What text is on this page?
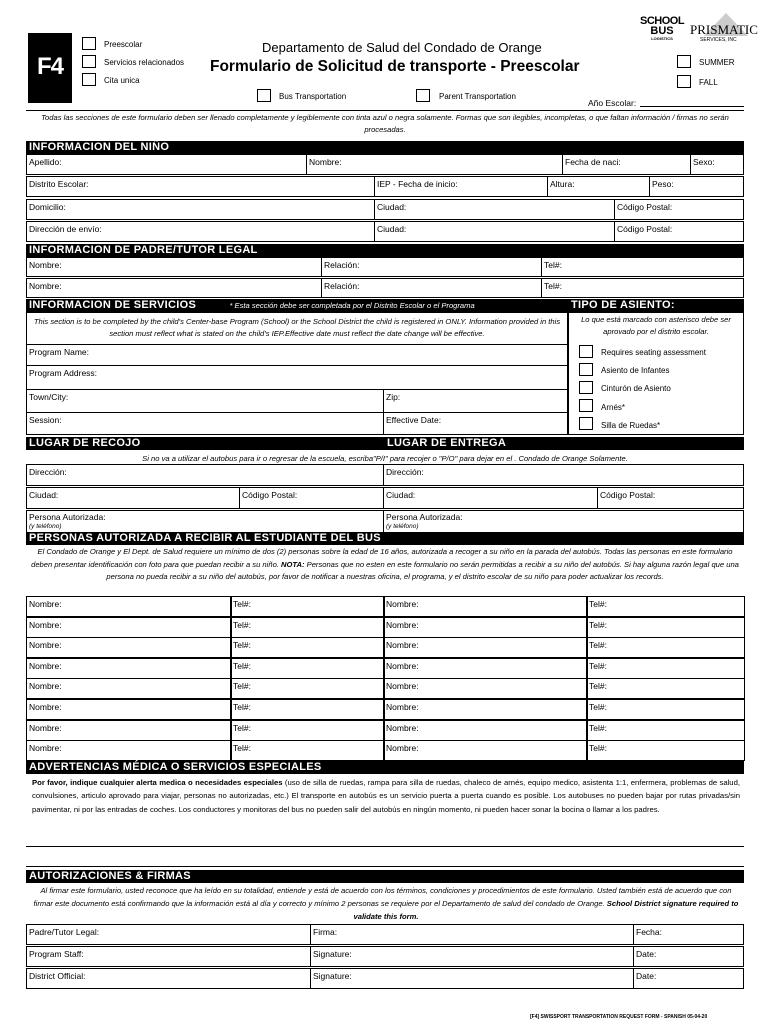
F4
Preescolar
Servicios relacionados
Cita unica
Departamento de Salud del Condado de Orange
Formulario de Solicitud de transporte - Preescolar
Bus Transportation	Parent Transportation
Año Escolar:
SUMMER
FALL
SCHOOL
BUS
LOGISTICS
PRISMATIC
SERVICES, INC
Todas las secciones de este formulario deben ser llenado completamente y legiblemente con tinta azul o negra solamente. Formas que son ilegibles, incompletas, o que faltan información / firmas no serán procesadas.
INFORMACION DEL NIÑO
Apellido:	Nombre:	Fecha de naci:	Sexo:
Distrito Escolar:	IEP - Fecha de inicio:	Altura:	Peso:
Domicilio:	Ciudad:	Código Postal:
Dirección de envío:	Ciudad:	Código Postal:
INFORMACION DE PADRE/TUTOR LEGAL
Nombre:	Relación:	Tel#:
Nombre:	Relación:	Tel#:
INFORMACION DE SERVICIOS	* Esta sección debe ser completada por el Distrito Escolar o el Programa
This section is to be completed by the child's Center-base Program (School) or the School District the child is registered in ONLY. Information provided in this section must reflect what is stated on the child's IEP.Effective date must reflect the date change will be effective.
Program Name:
Program Address:
Town/City:	Zip:
Session:	Effective Date:
TIPO DE ASIENTO:
Lo que está marcado con asterisco debe ser aprovado por el distrito escolar.
Requires seating assessment
Asiento de Infantes
Cinturón de Asiento
Arnés*
Silla de Ruedas*
LUGAR DE RECOJO	LUGAR DE ENTREGA
Si no va a utilizar el autobus para ir o regresar de la escuela, escriba"P/I" para recojer o "P/O" para dejar en el . Condado de Orange Solamente.
Dirección:	Dirección:
Ciudad:	Código Postal:	Ciudad:	Código Postal:
Persona Autorizada:
(y teléfono)
Persona Autorizada:
(y teléfono)
PERSONAS AUTORIZADA A RECIBIR AL ESTUDIANTE DEL BUS
El Condado de Orange y El Dept. de Salud requiere un mínimo de dos (2) personas sobre la edad de 16 años, autorizada a recoger a su niño en la parada del autobús. Todas las personas en este formulario deben presentar identificación con foto para que puedan recibir a su niño. NOTA: Personas que no esten en este formulario no serán permitidas a recibir a su niño del autobús. Si hay alguna razón legal que una persona no pueda recibir a su niño del autobús, por favor de notificar a nuestras oficina, el programa, y el distrito escolar de su niño para poder actualizar los records.
Nombre:	Tel#:	Nombre:	Tel#:
Nombre:	Tel#:	Nombre:	Tel#:
Nombre:	Tel#:	Nombre:	Tel#:
Nombre:	Tel#:	Nombre:	Tel#:
Nombre:	Tel#:	Nombre:	Tel#:
Nombre:	Tel#:	Nombre:	Tel#:
Nombre:	Tel#:	Nombre:	Tel#:
Nombre:	Tel#:	Nombre:	Tel#:
ADVERTENCIAS MÉDICA O SERVICIOS ESPECIALES
Por favor, indique cualquier alerta medica o necesidades especiales (uso de silla de ruedas, rampa para silla de ruedas, chaleco de arnés, equipo medico, asistenta 1:1, enfermera, problemas de salud, convulsiones, articulo aprovado para viajar, personas no autorizadas, etc.) El transporte en autobús es un servicio puerta a puerta cuando es posible. Los autobuses no pueden bajar por rutas privadas/sin pavimentar, ni por las entradas de coches. Los conductores y monitoras del bus no pueden salir del autobús en ningún momento, ni pueden hacer sonar la bocina o llamar a los padres.
AUTORIZACIONES & FIRMAS
Al firmar este formulario, usted reconoce que ha leído en su totalidad, entiende y está de acuerdo con los términos, condiciones y procedimientos de este formulario. Usted también está de acuerdo que con firmar este documento está confirmando que la información está al día y correcto y mínimo 2 personas se requiere por el Departamento de salud del condado de Orange. School District signature required to validate this form.
Padre/Tutor Legal:	Firma:	Fecha:
Program Staff:	Signature:	Date:
District Official:	Signature:	Date:
[F4] SWISSPORT TRANSPORTATION REQUEST FORM - SPANISH 05-04-20
